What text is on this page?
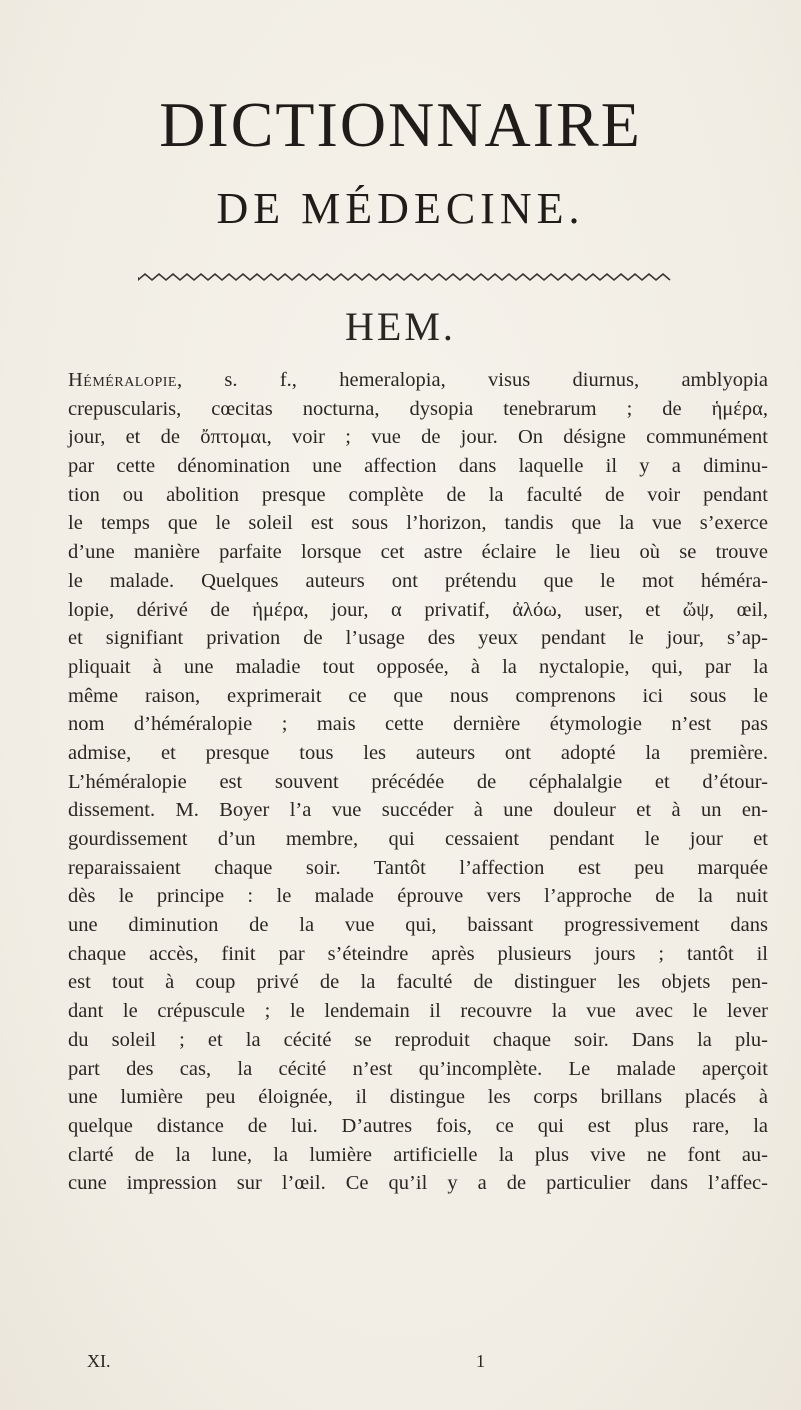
DICTIONNAIRE
DE MÉDECINE.
HEM.
Héméralopie, s. f., hemeralopia, visus diurnus, amblyopia
crepuscularis, cœcitas nocturna, dysopia tenebrarum ; de ἡμέρα,
jour, et de ὄπτομαι, voir ; vue de jour. On désigne communément
par cette dénomination une affection dans laquelle il y a diminu-
tion ou abolition presque complète de la faculté de voir pendant
le temps que le soleil est sous l’horizon, tandis que la vue s’exerce
d’une manière parfaite lorsque cet astre éclaire le lieu où se trouve
le malade. Quelques auteurs ont prétendu que le mot héméra-
lopie, dérivé de ἡμέρα, jour, α privatif, ἀλόω, user, et ὤψ, œil,
et signifiant privation de l’usage des yeux pendant le jour, s’ap-
pliquait à une maladie tout opposée, à la nyctalopie, qui, par la
même raison, exprimerait ce que nous comprenons ici sous le
nom d’héméralopie ; mais cette dernière étymologie n’est pas
admise, et presque tous les auteurs ont adopté la première.
L’héméralopie est souvent précédée de céphalalgie et d’étour-
dissement. M. Boyer l’a vue succéder à une douleur et à un en-
gourdissement d’un membre, qui cessaient pendant le jour et
reparaissaient chaque soir. Tantôt l’affection est peu marquée
dès le principe : le malade éprouve vers l’approche de la nuit
une diminution de la vue qui, baissant progressivement dans
chaque accès, finit par s’éteindre après plusieurs jours ; tantôt il
est tout à coup privé de la faculté de distinguer les objets pen-
dant le crépuscule ; le lendemain il recouvre la vue avec le lever
du soleil ; et la cécité se reproduit chaque soir. Dans la plu-
part des cas, la cécité n’est qu’incomplète. Le malade aperçoit
une lumière peu éloignée, il distingue les corps brillans placés à
quelque distance de lui. D’autres fois, ce qui est plus rare, la
clarté de la lune, la lumière artificielle la plus vive ne font au-
cune impression sur l’œil. Ce qu’il y a de particulier dans l’affec-
XI.	1
